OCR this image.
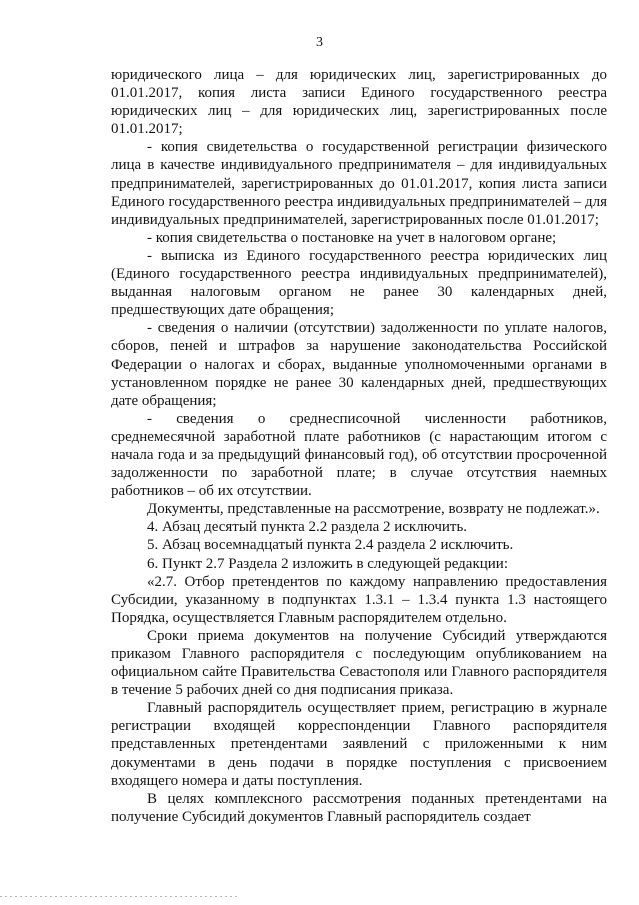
3

юридического лица – для юридических лиц, зарегистрированных до 01.01.2017, копия листа записи Единого государственного реестра юридических лиц – для юридических лиц, зарегистрированных после 01.01.2017;

- копия свидетельства о государственной регистрации физического лица в качестве индивидуального предпринимателя – для индивидуальных предпринимателей, зарегистрированных до 01.01.2017, копия листа записи Единого государственного реестра индивидуальных предпринимателей – для индивидуальных предпринимателей, зарегистрированных после 01.01.2017;

- копия свидетельства о постановке на учет в налоговом органе;

- выписка из Единого государственного реестра юридических лиц (Единого государственного реестра индивидуальных предпринимателей), выданная налоговым органом не ранее 30 календарных дней, предшествующих дате обращения;

- сведения о наличии (отсутствии) задолженности по уплате налогов, сборов, пеней и штрафов за нарушение законодательства Российской Федерации о налогах и сборах, выданные уполномоченными органами в установленном порядке не ранее 30 календарных дней, предшествующих дате обращения;

- сведения о среднесписочной численности работников, среднемесячной заработной плате работников (с нарастающим итогом с начала года и за предыдущий финансовый год), об отсутствии просроченной задолженности по заработной плате; в случае отсутствия наемных работников – об их отсутствии.

Документы, представленные на рассмотрение, возврату не подлежат.».

4. Абзац десятый пункта 2.2 раздела 2 исключить.

5. Абзац восемнадцатый пункта 2.4 раздела 2 исключить.

6. Пункт 2.7 Раздела 2 изложить в следующей редакции:

«2.7. Отбор претендентов по каждому направлению предоставления Субсидии, указанному в подпунктах 1.3.1 – 1.3.4 пункта 1.3 настоящего Порядка, осуществляется Главным распорядителем отдельно.

Сроки приема документов на получение Субсидий утверждаются приказом Главного распорядителя с последующим опубликованием на официальном сайте Правительства Севастополя или Главного распорядителя в течение 5 рабочих дней со дня подписания приказа.

Главный распорядитель осуществляет прием, регистрацию в журнале регистрации входящей корреспонденции Главного распорядителя представленных претендентами заявлений с приложенными к ним документами в день подачи в порядке поступления с присвоением входящего номера и даты поступления.

В целях комплексного рассмотрения поданных претендентами на получение Субсидий документов Главный распорядитель создает
